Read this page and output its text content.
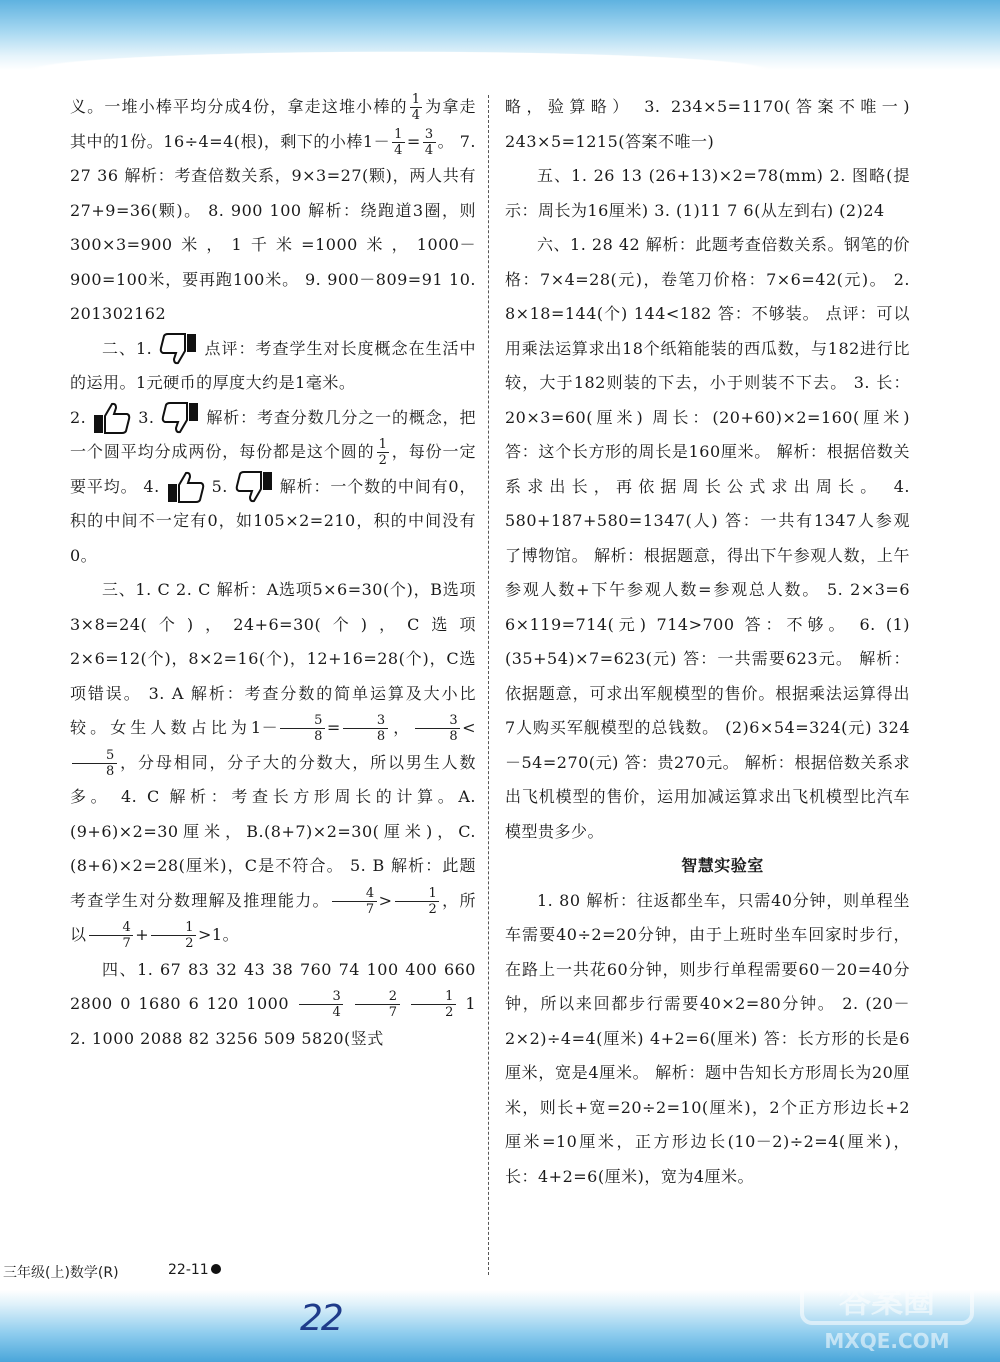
义。一堆小棒平均分成4份，拿走这堆小棒的 $\frac{1}{4}$ 为拿走其中的1份。16÷4=4(根)，剩下的小棒$1- \frac{1}{4} = \frac{3}{4}$ 。 7. 27 36 解析：考查倍数关系，9×3=27(颗)，两人共有27+9=36(颗)。 8. 900 100 解析：绕跑道3圈，则300×3=900米，1千米=1000米，1000－900=100米，要再跑100米。 9. 900－809=91 10. 201302162
二、1.	点评：考查学生对长度概念在生活中的运用。1元硬币的厚度大约是1毫米。
2.	3.	解析：考查分数几分之一的概念，把一个圆平均分成两份，每份都是这个圆的 $\frac{1}{2}$ ，每份一定要平均。 4.	5.	解析：一个数的中间有0，积的中间不一定有0，如105×2=210，积的中间没有0。
三、1. C 2. C 解析：A选项5×6=30(个)，B选项3×8=24(个)，24+6=30(个)，C选项2×6=12(个)，8×2=16(个)，12+16=28(个)，C选项错误。 3. A 解析：考查分数的简单运算及大小比较。女生人数占比为$1- \frac{5}{8} = \frac{3}{8}$ ， $\frac{3}{8}$ <
$\frac{5}{8}$ ，分母相同，分子大的分数大，所以男生人数多。 4. C 解析：考查长方形周长的计算。A.(9+6)×2=30厘米，B.(8+7)×2=30(厘米)，C.(8+6)×2=28(厘米)，C是不符合。 5. B 解析：此题考查学生对分数理解及推理能力。 $\frac{4}{7} > \frac{1}{2}$ ，所以 $\frac{4}{7} + \frac{1}{2} >1$。
四、1. 67 83 32 43 38 760 74 100 400 660 2800 0 1680 6 120 $1000 \frac{3}{4}$
$\frac{2}{7}$
$\frac{1}{2} 1$ 2. 1000 2088 82 3256 509 5820(竖式
略，验算略） 3. 234×5=1170(答案不唯一) 243×5=1215(答案不唯一)
五、1. 26 13 (26+13)×2=78(mm) 2. 图略(提示：周长为16厘米) 3. (1)11 7 6(从左到右) (2)24
六、1. 28 42 解析：此题考查倍数关系。钢笔的价格：7×4=28(元)，卷笔刀价格：7×6=42(元)。 2. 8×18=144(个) 144<182 答：不够装。 点评：可以用乘法运算求出18个纸箱能装的西瓜数，与182进行比较，大于182则装的下去，小于则装不下去。 3. 长：20×3=60(厘米) 周长：(20+60)×2=160(厘米) 答：这个长方形的周长是160厘米。 解析：根据倍数关系求出长，再依据周长公式求出周长。 4. 580+187+580=1347(人) 答：一共有1347人参观了博物馆。 解析：根据题意，得出下午参观人数，上午参观人数+下午参观人数=参观总人数。 5. 2×3=6 6×119=714(元) 714>700 答：不够。 6. (1)(35+54)×7=623(元) 答：一共需要623元。 解析：依据题意，可求出军舰模型的售价。根据乘法运算得出7人购买军舰模型的总钱数。 (2)6×54=324(元) 324－54=270(元) 答：贵270元。 解析：根据倍数关系求出飞机模型的售价，运用加减运算求出飞机模型比汽车模型贵多少。
智慧实验室
1. 80 解析：往返都坐车，只需40分钟，则单程坐车需要40÷2=20分钟，由于上班时坐车回家时步行，在路上一共花60分钟，则步行单程需要60－20=40分钟，所以来回都步行需要40×2=80分钟。 2. (20－2×2)÷4=4(厘米) 4+2=6(厘米) 答：长方形的长是6厘米，宽是4厘米。 解析：题中告知长方形周长为20厘米，则长+宽=20÷2=10(厘米)，2个正方形边长+2厘米=10厘米，正方形边长(10－2)÷2=4(厘米)，长：4+2=6(厘米)，宽为4厘米。
三年级(上)数学(R)	22-11
22	答案圈
MXQE.COM
